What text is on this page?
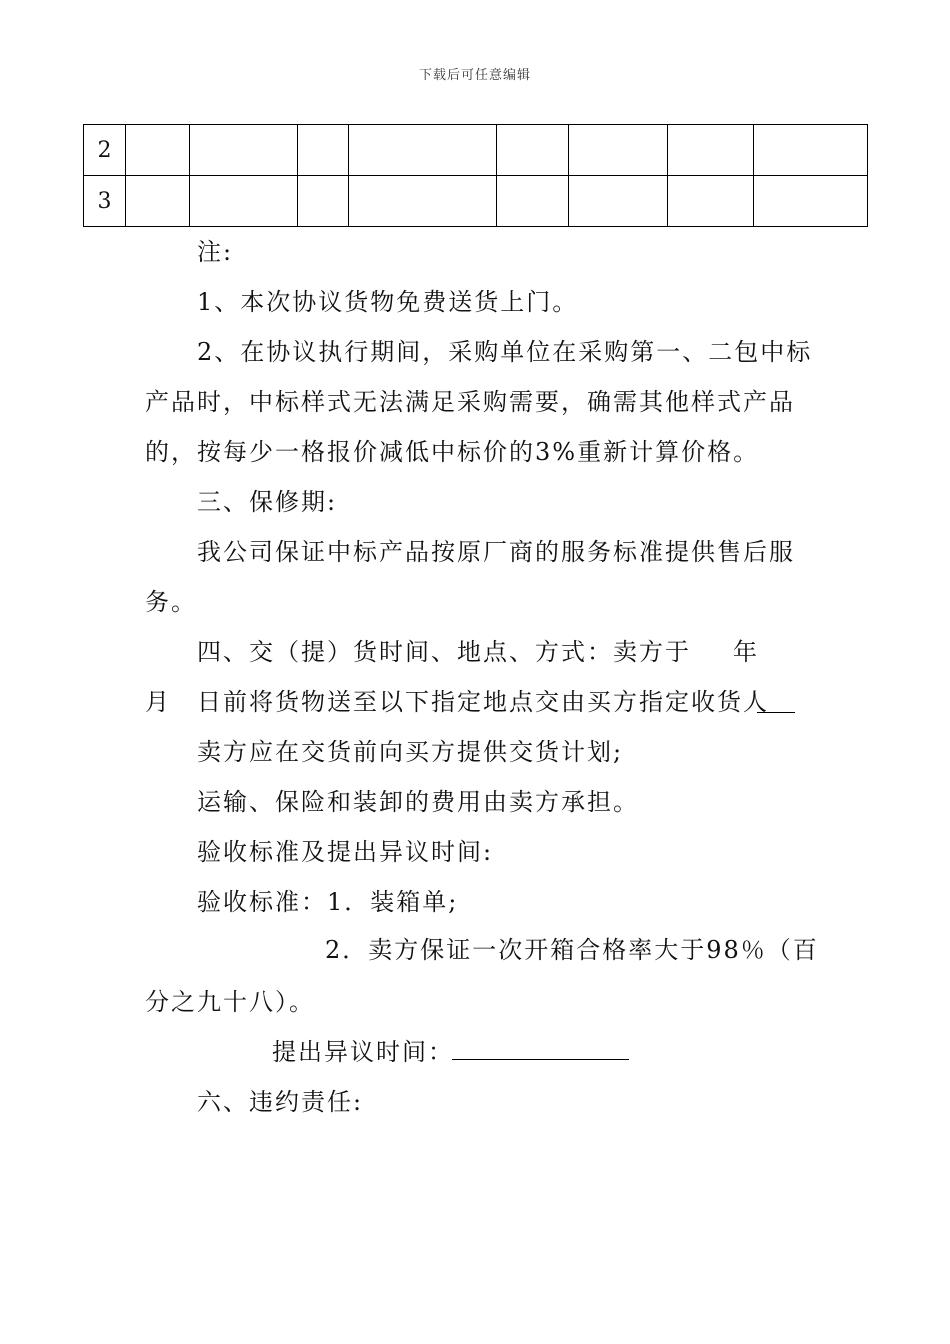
下载后可任意编辑
2								
3								
注:
1、本次协议货物免费送货上门。
2、在协议执行期间，采购单位在采购第一、二包中标
产品时，中标样式无法满足采购需要，确需其他样式产品
的，按每少一格报价减低中标价的3%重新计算价格。
三、保修期:
我公司保证中标产品按原厂商的服务标准提供售后服
务。
四、交（提）货时间、地点、方式：卖方于 年
月 日前将货物送至以下指定地点交由买方指定收货人
卖方应在交货前向买方提供交货计划;
运输、保险和装卸的费用由卖方承担。
验收标准及提出异议时间:
验收标准：1．装箱单;
2．卖方保证一次开箱合格率大于98％（百
分之九十八）。
提出异议时间：
六、违约责任:
